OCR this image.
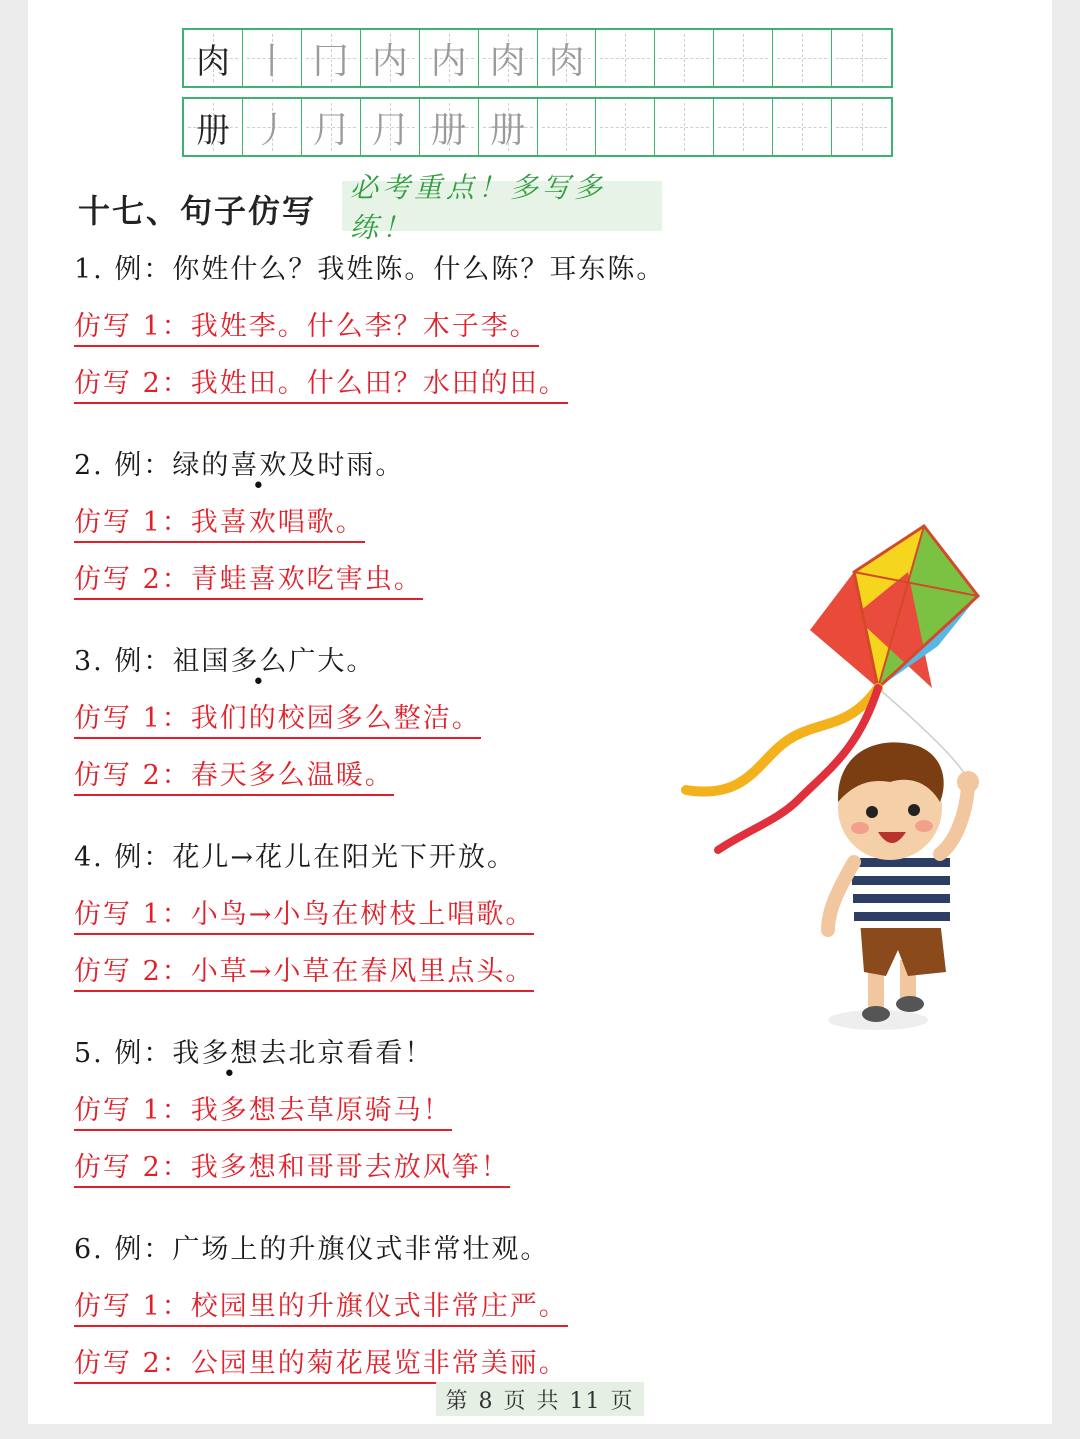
肉 丨 冂 内 内 肉 肉
册 丿 ⺆ ⺆ 册 册
十七、句子仿写
必考重点！多写多练！
1. 例：你姓什么？我姓陈。什么陈？耳东陈。
仿写 1：我姓李。什么李？木子李。
仿写 2：我姓田。什么田？水田的田。
2. 例：绿的喜欢及时雨。
仿写 1：我喜欢唱歌。
仿写 2：青蛙喜欢吃害虫。
3. 例：祖国多么广大。
仿写 1：我们的校园多么整洁。
仿写 2：春天多么温暖。
4. 例：花儿→花儿在阳光下开放。
仿写 1：小鸟→小鸟在树枝上唱歌。
仿写 2：小草→小草在春风里点头。
5. 例：我多想去北京看看！
仿写 1：我多想去草原骑马！
仿写 2：我多想和哥哥去放风筝！
6. 例：广场上的升旗仪式非常壮观。
仿写 1：校园里的升旗仪式非常庄严。
仿写 2：公园里的菊花展览非常美丽。
第 8 页 共 11 页
